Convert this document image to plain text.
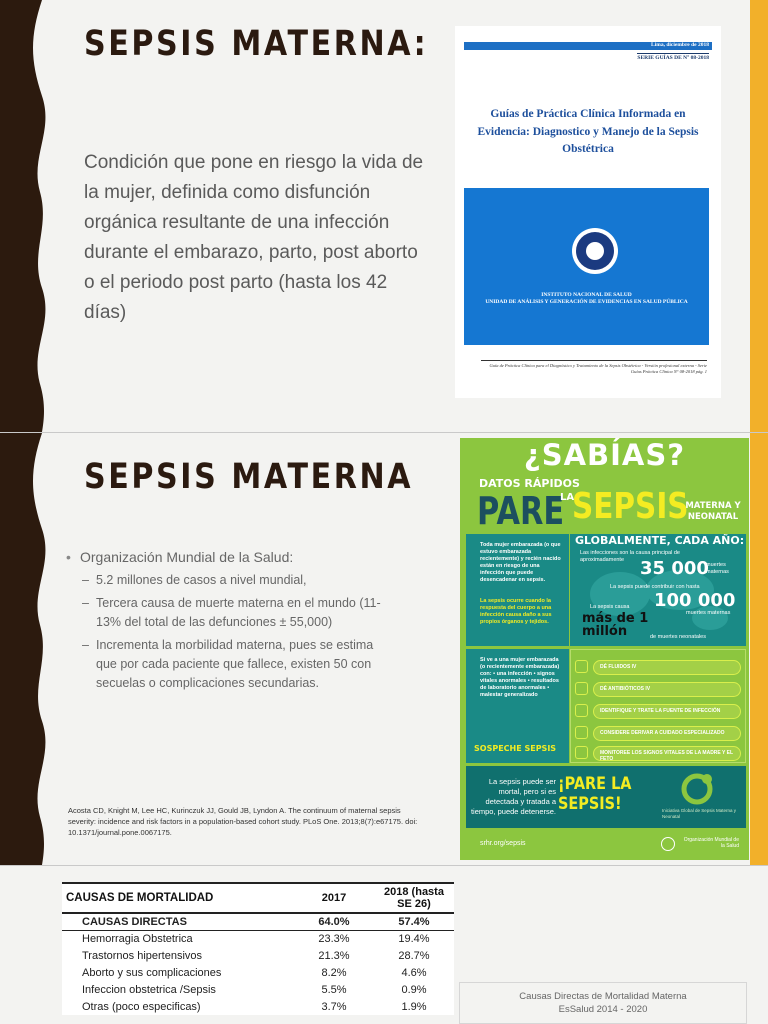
SEPSIS MATERNA:
Condición que pone en riesgo la vida de la mujer, definida como disfunción orgánica resultante de una infección durante el embarazo, parto, post aborto o el periodo post parto (hasta los 42 días)
Lima, diciembre de 2018
SERIE GUÍAS DE N° 08-2018
Guías de Práctica Clínica Informada en Evidencia: Diagnostico y Manejo de la Sepsis Obstétrica
INSTITUTO NACIONAL DE SALUD
UNIDAD DE ANÁLISIS Y GENERACIÓN DE EVIDENCIAS EN SALUD PÚBLICA
Guía de Práctica Clínica para el Diagnóstico y Tratamiento de la Sepsis Obstétrica - Versión profesional externa - Serie Guías Práctica Clínica N° 08-2018 pág. 1
SEPSIS MATERNA
• Organización Mundial de la Salud:
– 5.2 millones de casos a nivel mundial,
– Tercera causa de muerte materna en el mundo (11-13% del total de las defunciones ± 55,000)
– Incrementa la morbilidad materna, pues se estima que por cada paciente que fallece, existen 50 con secuelas o complicaciones secundarias.
Acosta CD, Knight M, Lee HC, Kurinczuk JJ, Gould JB, Lyndon A. The continuum of maternal sepsis severity: incidence and risk factors in a population-based cohort study. PLoS One. 2013;8(7):e67175. doi: 10.1371/journal.pone.0067175.
¿SABÍAS?
DATOS RÁPIDOS
PARE
LA
SEPSIS
MATERNA Y NEONATAL
Toda mujer embarazada (o que estuvo embarazada recientemente) y recién nacido están en riesgo de una infección que puede desencadenar en sepsis.
La sepsis ocurre cuando la respuesta del cuerpo a una infección causa daño a sus propios órganos y tejidos.
GLOBALMENTE, CADA AÑO:
Las infecciones son la causa principal de aproximadamente 35 000
muertes maternas
La sepsis puede contribuir con hasta
100 000
muertes maternas
La sepsis causa
más de 1 millón	de muertes neonatales
Si ve a una mujer embarazada (o recientemente embarazada) con: • una infección • signos vitales anormales • resultados de laboratorio anormales • malestar generalizado
SOSPECHE SEPSIS
DÉ FLUIDOS IV
DÉ ANTIBIÓTICOS IV
IDENTIFIQUE Y TRATE LA FUENTE DE INFECCIÓN
CONSIDERE DERIVAR A CUIDADO ESPECIALIZADO
MONITOREE LOS SIGNOS VITALES DE LA MADRE Y EL FETO
Iniciativa Global de Sepsis Materna y Neonatal
La sepsis puede ser mortal, pero si es detectada y tratada a tiempo, puede detenerse.
¡PARE LA SEPSIS!
srhr.org/sepsis	Organización Mundial de la Salud
CAUSAS DE MORTALIDAD	2017	2018 (hasta SE 26)
CAUSAS DIRECTAS	64.0%	57.4%
Hemorragia Obstetrica	23.3%	19.4%
Trastornos hipertensivos	21.3%	28.7%
Aborto y sus complicaciones	8.2%	4.6%
Infeccion obstetrica /Sepsis	5.5%	0.9%
Otras (poco especificas)	3.7%	1.9%
Causas Directas de Mortalidad Materna
EsSalud 2014 - 2020
